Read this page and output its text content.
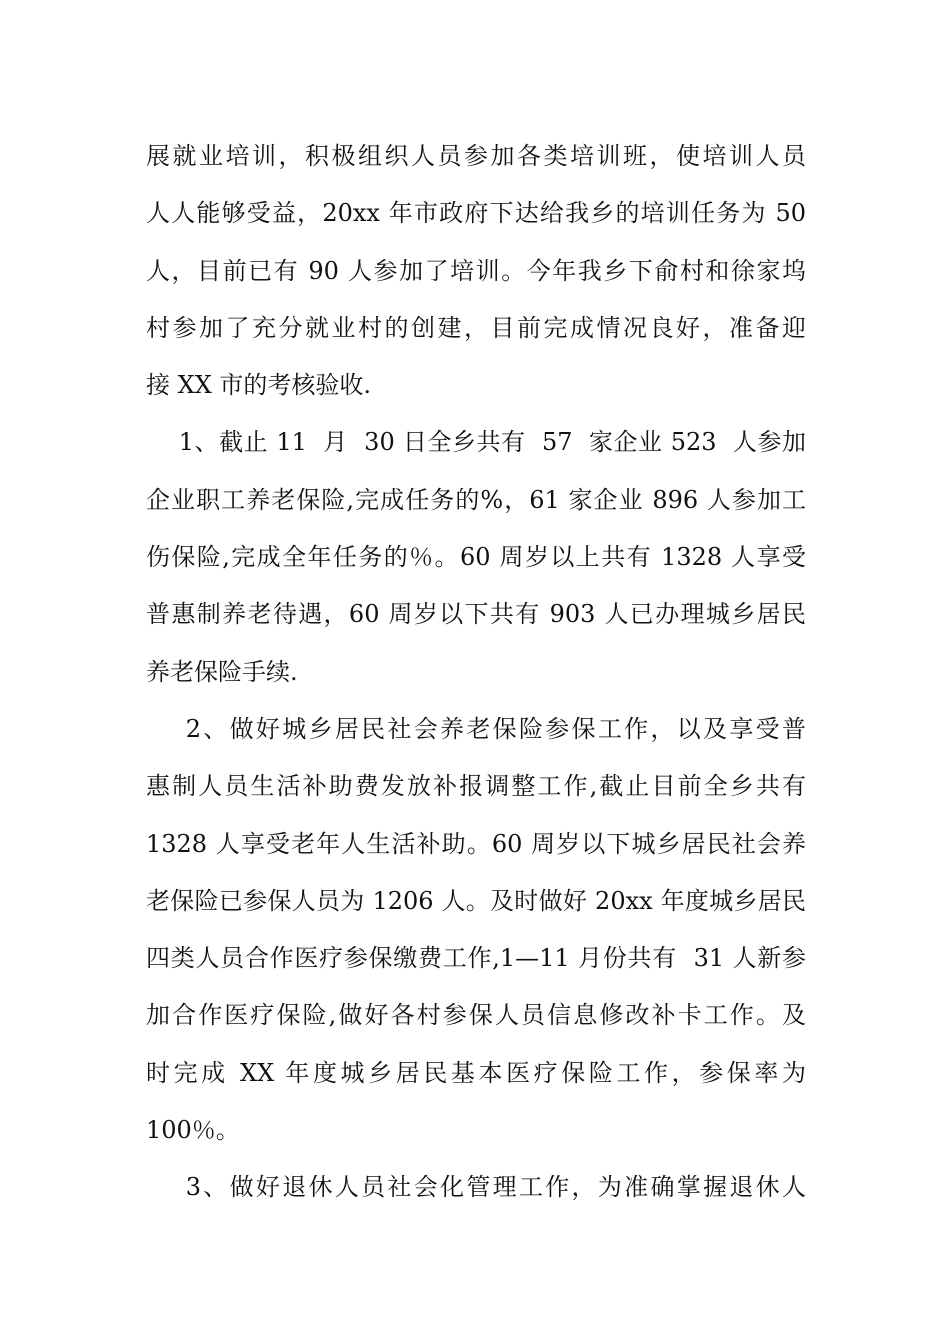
展就业培训，积极组织人员参加各类培训班，使培训人员
人人能够受益，20xx 年市政府下达给我乡的培训任务为 50
人，目前已有 90 人参加了培训。今年我乡下俞村和徐家坞
村参加了充分就业村的创建，目前完成情况良好，准备迎
接 XX 市的考核验收.
1、截止 11  月  30 日全乡共有  57  家企业 523  人参加
企业职工养老保险,完成任务的%，61 家企业 896 人参加工
伤保险,完成全年任务的％。60 周岁以上共有 1328 人享受
普惠制养老待遇，60 周岁以下共有 903 人已办理城乡居民
养老保险手续.
2、做好城乡居民社会养老保险参保工作，以及享受普
惠制人员生活补助费发放补报调整工作,截止目前全乡共有
1328 人享受老年人生活补助。60 周岁以下城乡居民社会养
老保险已参保人员为 1206 人。及时做好 20xx 年度城乡居民
四类人员合作医疗参保缴费工作,1—11 月份共有  31 人新参
加合作医疗保险,做好各村参保人员信息修改补卡工作。及
时完成 XX 年度城乡居民基本医疗保险工作，参保率为
100％。
3、做好退休人员社会化管理工作，为准确掌握退休人
